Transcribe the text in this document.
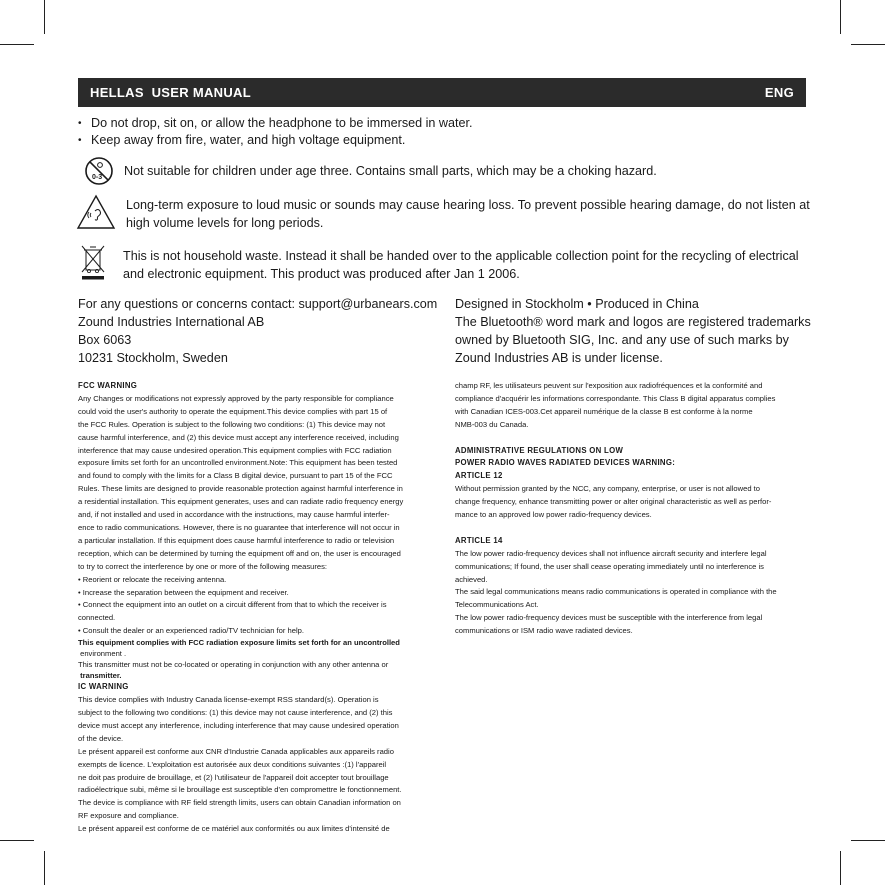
HELLAS  USER MANUAL	ENG
• Do not drop, sit on, or allow the headphone to be immersed in water.
• Keep away from fire, water, and high voltage equipment.
0-3 Not suitable for children under age three. Contains small parts, which may be a choking hazard.
Long-term exposure to loud music or sounds may cause hearing loss. To prevent possible hearing damage, do not listen at
high volume levels for long periods.
This is not household waste. Instead it shall be handed over to the applicable collection point for the recycling of electrical
and electronic equipment. This product was produced after Jan 1 2006.
For any questions or concerns contact: support@urbanears.com
Zound Industries International AB
Box 6063
10231 Stockholm, Sweden
Designed in Stockholm • Produced in China
The Bluetooth® word mark and logos are registered trademarks
owned by Bluetooth SIG, Inc. and any use of such marks by
Zound Industries AB is under license.
FCC WARNING
Any Changes or modifications not expressly approved by the party responsible for compliance
could void the user's authority to operate the equipment.This device complies with part 15 of
the FCC Rules. Operation is subject to the following two conditions: (1) This device may not
cause harmful interference, and (2) this device must accept any interference received, including
interference that may cause undesired operation.This equipment complies with FCC radiation
exposure limits set forth for an uncontrolled environment.Note: This equipment has been tested
and found to comply with the limits for a Class B digital device, pursuant to part 15 of the FCC
Rules. These limits are designed to provide reasonable protection against harmful interference in
a residential installation. This equipment generates, uses and can radiate radio frequency energy
and, if not installed and used in accordance with the instructions, may cause harmful interfer-
ence to radio communications. However, there is no guarantee that interference will not occur in
a particular installation. If this equipment does cause harmful interference to radio or television
reception, which can be determined by turning the equipment off and on, the user is encouraged
to try to correct the interference by one or more of the following measures:
• Reorient or relocate the receiving antenna.
• Increase the separation between the equipment and receiver.
• Connect the equipment into an outlet on a circuit different from that to which the receiver is
connected.
• Consult the dealer or an experienced radio/TV technician for help.
This equipment complies with FCC radiation exposure limits set forth for an uncontrolled
environment .
This transmitter must not be co-located or operating in conjunction with any other antenna or
transmitter.
IC WARNING
This device complies with Industry Canada license-exempt RSS standard(s). Operation is
subject to the following two conditions: (1) this device may not cause interference, and (2) this
device must accept any interference, including interference that may cause undesired operation
of the device.
Le présent appareil est conforme aux CNR d'Industrie Canada applicables aux appareils radio
exempts de licence. L'exploitation est autorisée aux deux conditions suivantes :(1) l'appareil
ne doit pas produire de brouillage, et (2) l'utilisateur de l'appareil doit accepter tout brouillage
radioélectrique subi, même si le brouillage est susceptible d'en compromettre le fonctionnement.
The device is compliance with RF field strength limits, users can obtain Canadian information on
RF exposure and compliance.
Le présent appareil est conforme de ce matériel aux conformités ou aux limites d'intensité de
champ RF, les utilisateurs peuvent sur l'exposition aux radiofréquences et la conformité and
compliance d'acquérir les informations correspondante. This Class B digital apparatus complies
with Canadian ICES-003.Cet appareil numérique de la classe B est conforme à la norme
NMB-003 du Canada.
ADMINISTRATIVE REGULATIONS ON LOW
POWER RADIO WAVES RADIATED DEVICES WARNING:
ARTICLE 12
Without permission granted by the NCC, any company, enterprise, or user is not allowed to
change frequency, enhance transmitting power or alter original characteristic as well as perfor-
mance to an approved low power radio-frequency devices.
ARTICLE 14
The low power radio-frequency devices shall not influence aircraft security and interfere legal
communications; If found, the user shall cease operating immediately until no interference is
achieved.
The said legal communications means radio communications is operated in compliance with the
Telecommunications Act.
The low power radio-frequency devices must be susceptible with the interference from legal
communications or ISM radio wave radiated devices.
